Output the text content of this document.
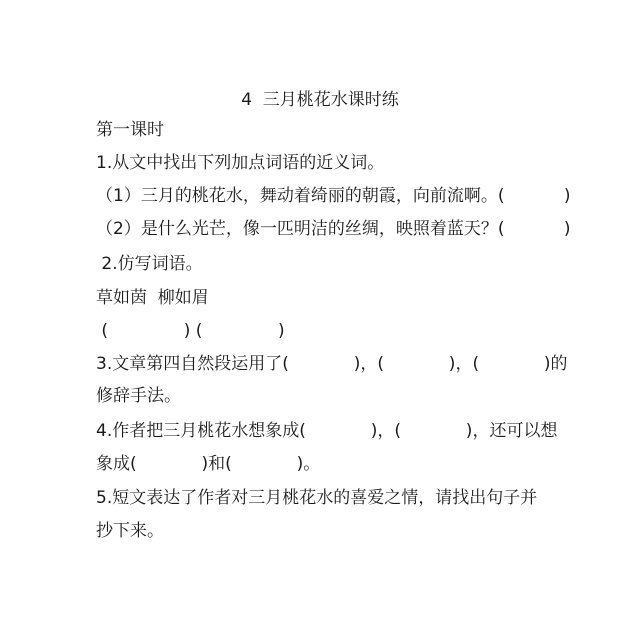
4  三月桃花水课时练
第一课时
1.从文中找出下列加点词语的近义词。
（1）三月的桃花水，舞动着绮丽的朝霞，向前流啊。(           )
（2）是什么光芒，像一匹明洁的丝绸，映照着蓝天？(           )
2.仿写词语。
草如茵  柳如眉
(              ) (              )
3.文章第四自然段运用了(            )，(            )，(            )的
修辞手法。
4.作者把三月桃花水想象成(            )，(            )，还可以想
象成(            )和(            )。
5.短文表达了作者对三月桃花水的喜爱之情，请找出句子并
抄下来。
